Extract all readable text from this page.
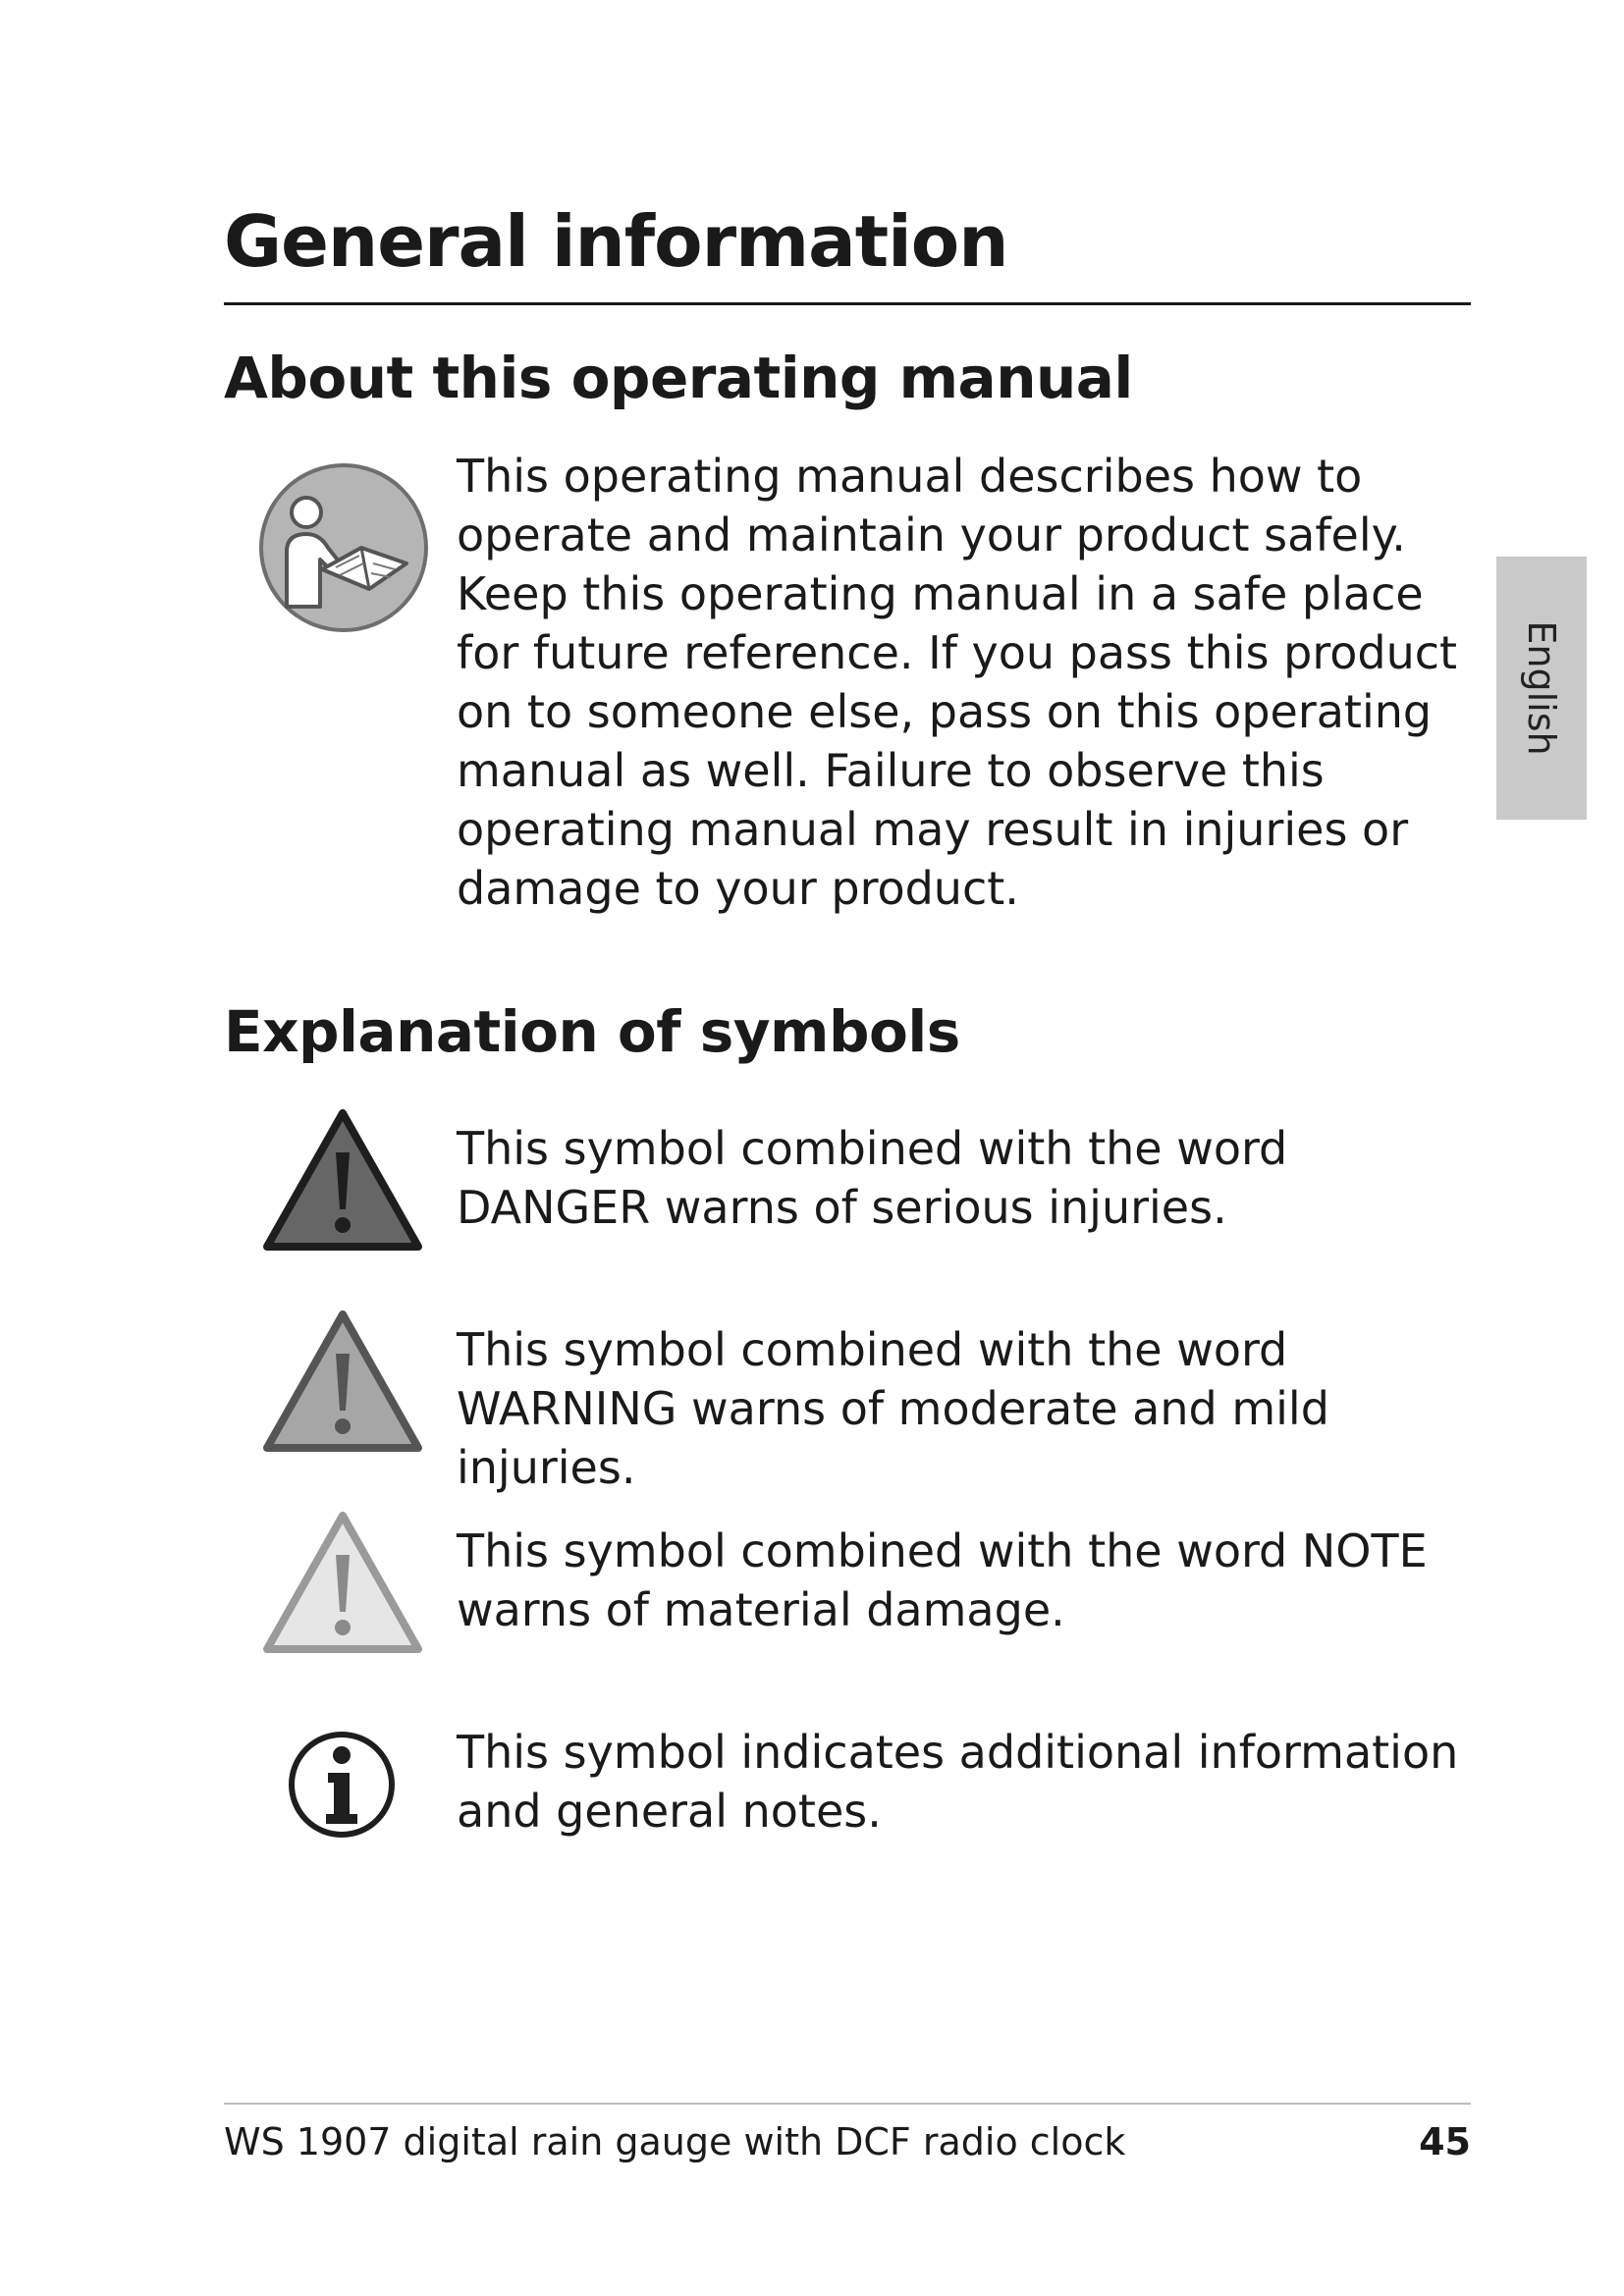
General information
About this operating manual

This operating manual describes how to operate and maintain your product safely. Keep this operating manual in a safe place for future reference. If you pass this product on to someone else, pass on this operating manual as well. Failure to observe this operating manual may result in injuries or damage to your product.

English
Explanation of symbols

This symbol combined with the word DANGER warns of serious injuries.

This symbol combined with the word WARNING warns of moderate and mild injuries.

This symbol combined with the word NOTE warns of material damage.

This symbol indicates additional information and general notes.

WS 1907 digital rain gauge with DCF radio clock	45
